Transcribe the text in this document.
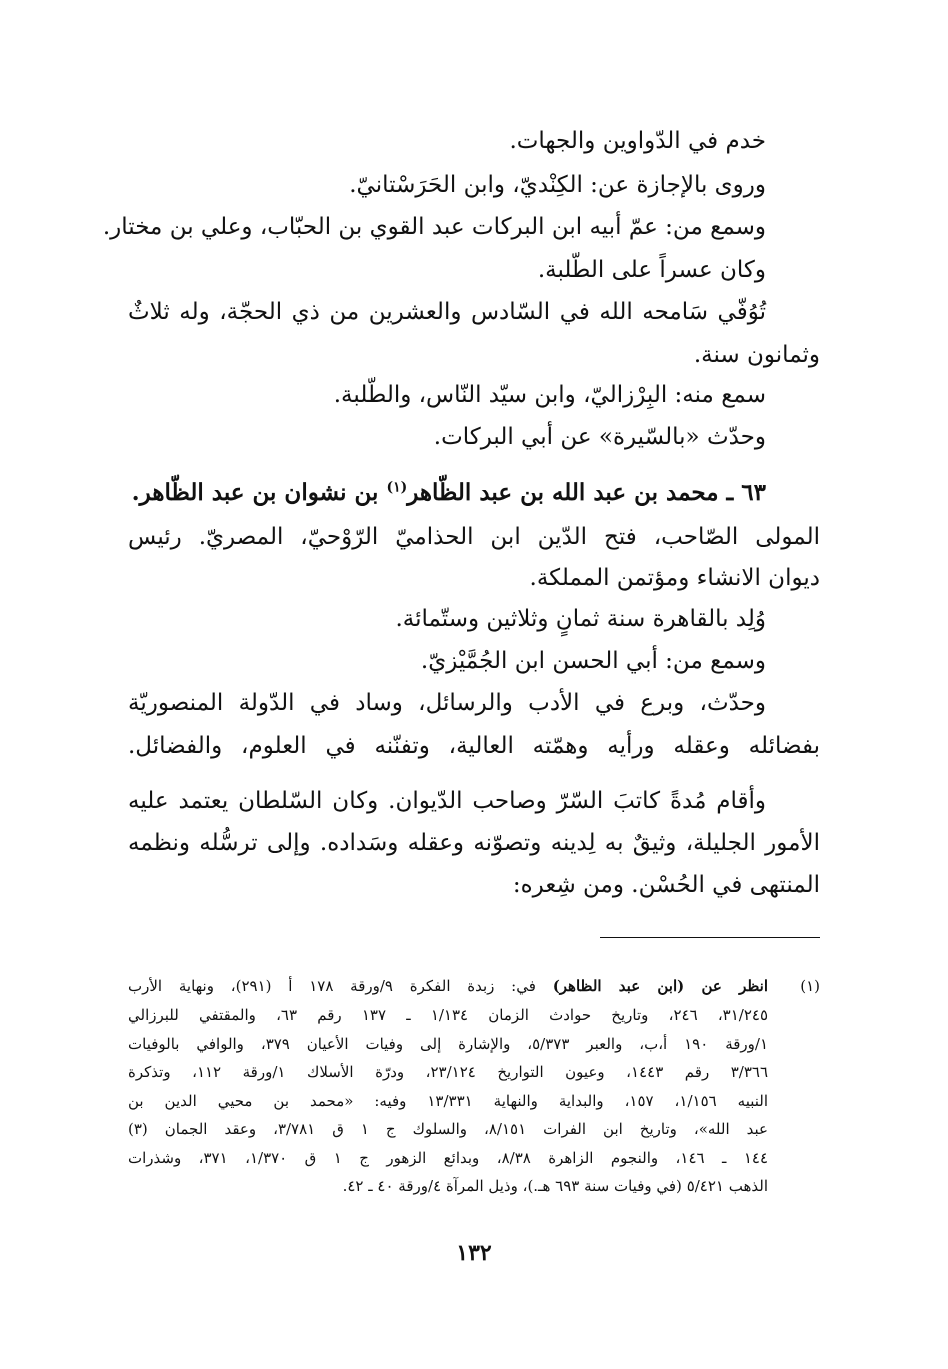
خدم في الدّواوين والجهات.
وروى بالإجازة عن: الكِنْديّ، وابن الحَرَسْتانيّ.
وسمع من: عمّ أبيه ابن البركات عبد القوي بن الحبّاب، وعلي بن مختار.
وكان عسراً على الطّلبة.
تُوُفّي سَامحه الله في السّادس والعشرين من ذي الحجّة، وله ثلاثٌ
وثمانون سنة.
سمع منه: البِرْزاليّ، وابن سيّد النّاس، والطّلبة.
وحدّث «بالسّيرة» عن أبي البركات.
٦٣ ـ محمد بن عبد الله بن عبد الظّاهر$^{(١)}$ بن نشوان بن عبد الظّاهر.
المولى الصّاحب، فتح الدّين ابن الحذاميّ الرّوْحيّ، المصريّ. رئيس
ديوان الانشاء ومؤتمن المملكة.
وُلِد بالقاهرة سنة ثمانٍ وثلاثين وستّمائة.
وسمع من: أبي الحسن ابن الجُمَّيْزيّ.
وحدّث، وبرع في الأدب والرسائل، وساد في الدّولة المنصوريّة
بفضائله وعقله ورأيه وهمّته العالية، وتفنّنه في العلوم، والفضائل.
وأقام مُدةً كاتبَ السّرّ وصاحب الدّيوان. وكان السّلطان يعتمد عليه
الأمور الجليلة، وثيقٌ به لِدينه وتصوّنه وعقله وسَداده. وإلى ترسُّله ونظمه
المنتهى في الحُسْن. ومن شِعره:
(١)
انظر عن (ابن عبد الظاهر) في: زبدة الفكرة ٩/ورقة ١٧٨ أ (٢٩١)، ونهاية الأرب
٣١/٢٤٥، ٢٤٦، وتاريخ حوادث الزمان ١/١٣٤ ـ ١٣٧ رقم ٦٣، والمقتفي للبرزالي
١/ورقة ١٩٠ أ،ب، والعبر ٥/٣٧٣، والإشارة إلى وفيات الأعيان ٣٧٩، والوافي بالوفيات
٣/٣٦٦ رقم ١٤٤٣، وعيون التواريخ ٢٣/١٢٤، ودرّة الأسلاك ١/ورقة ١١٢، وتذكرة
النبيه ١/١٥٦، ١٥٧، والبداية والنهاية ١٣/٣٣١ وفيه: «محمد بن محيي الدين بن
عبد الله»، وتاريخ ابن الفرات ٨/١٥١، والسلوك ج ١ ق ٣/٧٨١، وعقد الجمان (٣)
١٤٤ ـ ١٤٦، والنجوم الزاهرة ٨/٣٨، وبدائع الزهور ج ١ ق ١/٣٧٠، ٣٧١، وشذرات
الذهب ٥/٤٢١ (في وفيات سنة ٦٩٣ هـ.)، وذيل المرآة ٤/ورقة ٤٠ ـ ٤٢.
١٣٢
